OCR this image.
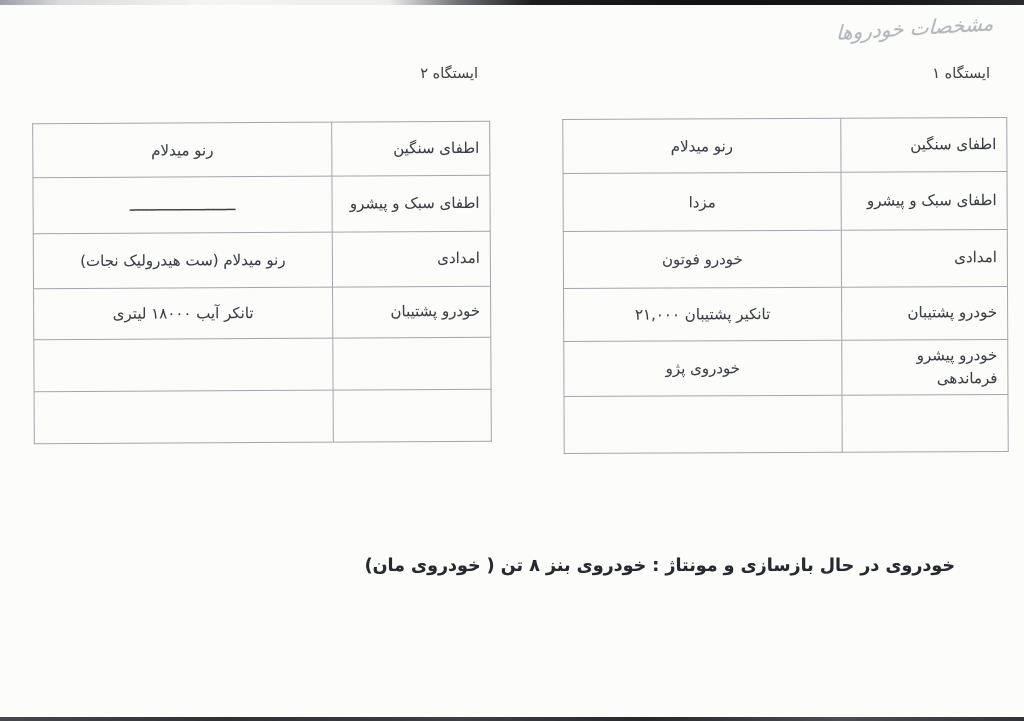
مشخصات خودروها
ایستگاه ١
ایستگاه ٢
اطفای سنگین	رنو میدلام
اطفای سبک و پیشرو	مزدا
امدادی	خودرو فوتون
خودرو پشتیبان	تانکیر پشتیبان ٢١,٠٠٠
خودرو پیشرو فرماندهی	خودروی پژو

اطفای سنگین	رنو میدلام
اطفای سبک و پیشرو	ــــــــــــــــــــــــ
امدادی	رنو میدلام (ست هیدرولیک نجات)
خودرو پشتیبان	تانکر آيب ١٨٠٠٠ لیتری

خودروی در حال بازسازی و مونتاژ : خودروی بنز ٨ تن ( خودروی مان)
